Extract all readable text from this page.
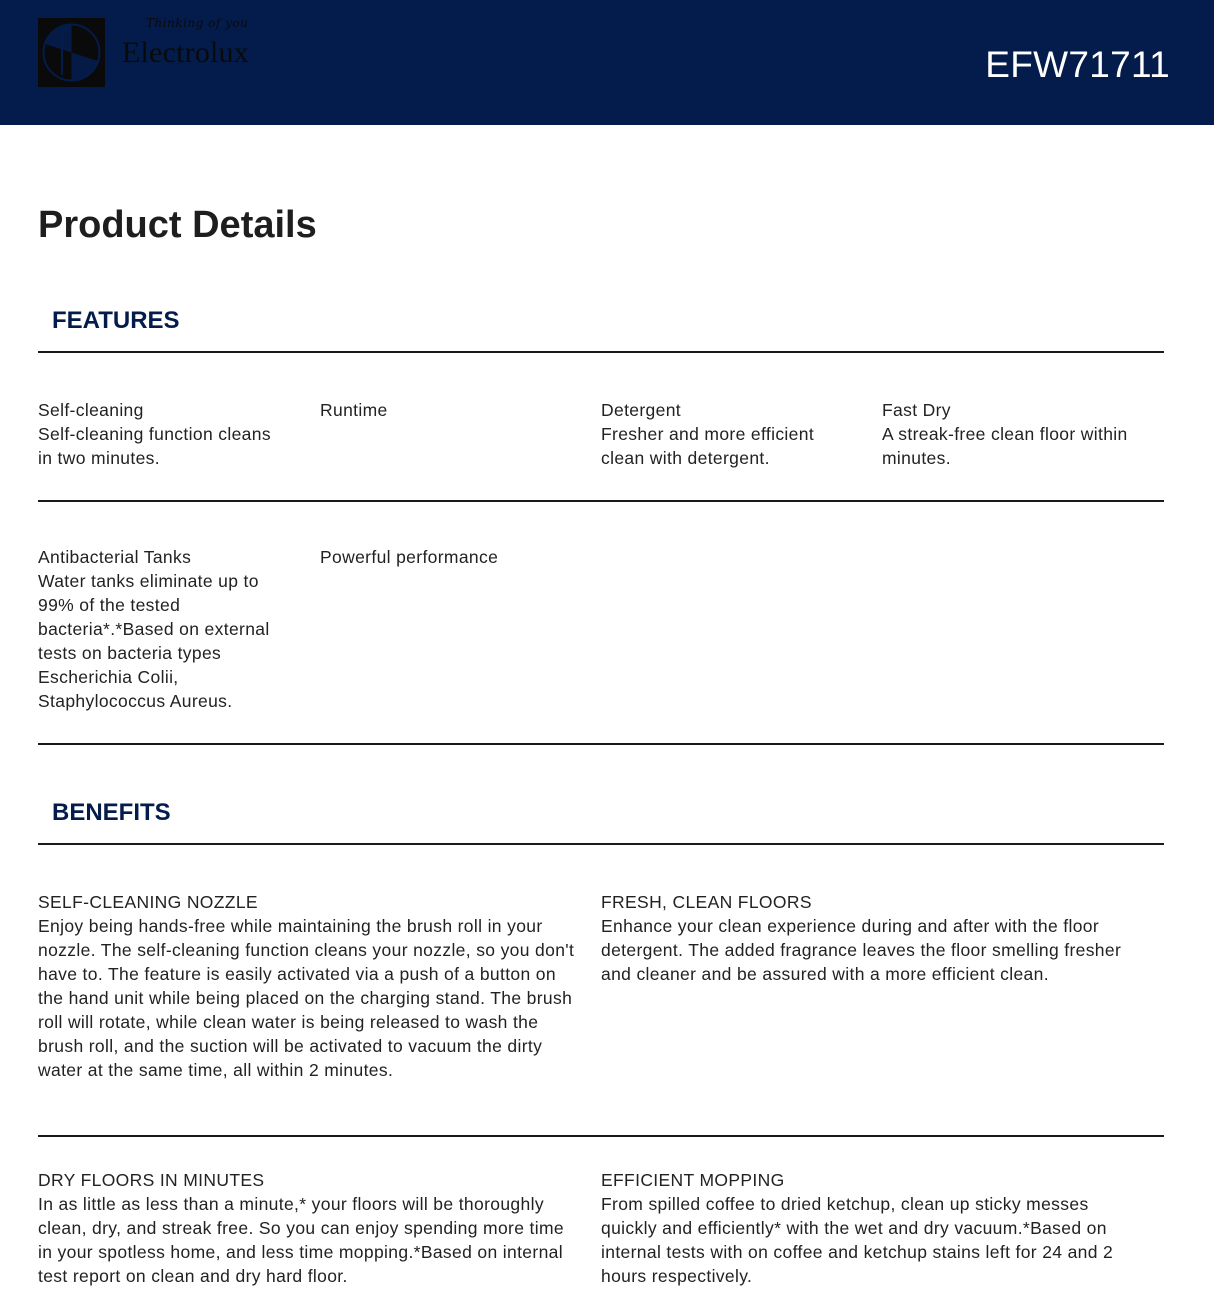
Thinking of you
Electrolux	EFW71711
Product Details
FEATURES
Self-cleaning
Self-cleaning function cleans in two minutes.
Runtime	Detergent
Fresher and more efficient clean with detergent.
Fast Dry
A streak-free clean floor within minutes.
Antibacterial Tanks
Water tanks eliminate up to 99% of the tested bacteria*.*Based on external tests on bacteria types Escherichia Colii, Staphylococcus Aureus.
Powerful performance
BENEFITS
SELF-CLEANING NOZZLE
Enjoy being hands-free while maintaining the brush roll in your nozzle. The self-cleaning function cleans your nozzle, so you don't have to. The feature is easily activated via a push of a button on the hand unit while being placed on the charging stand. The brush roll will rotate, while clean water is being released to wash the brush roll, and the suction will be activated to vacuum the dirty water at the same time, all within 2 minutes.
FRESH, CLEAN FLOORS
Enhance your clean experience during and after with the floor detergent. The added fragrance leaves the floor smelling fresher and cleaner and be assured with a more efficient clean.
DRY FLOORS IN MINUTES
In as little as less than a minute,* your floors will be thoroughly clean, dry, and streak free. So you can enjoy spending more time in your spotless home, and less time mopping.*Based on internal test report on clean and dry hard floor.
EFFICIENT MOPPING
From spilled coffee to dried ketchup, clean up sticky messes quickly and efficiently* with the wet and dry vacuum.*Based on internal tests with on coffee and ketchup stains left for 24 and 2 hours respectively.
